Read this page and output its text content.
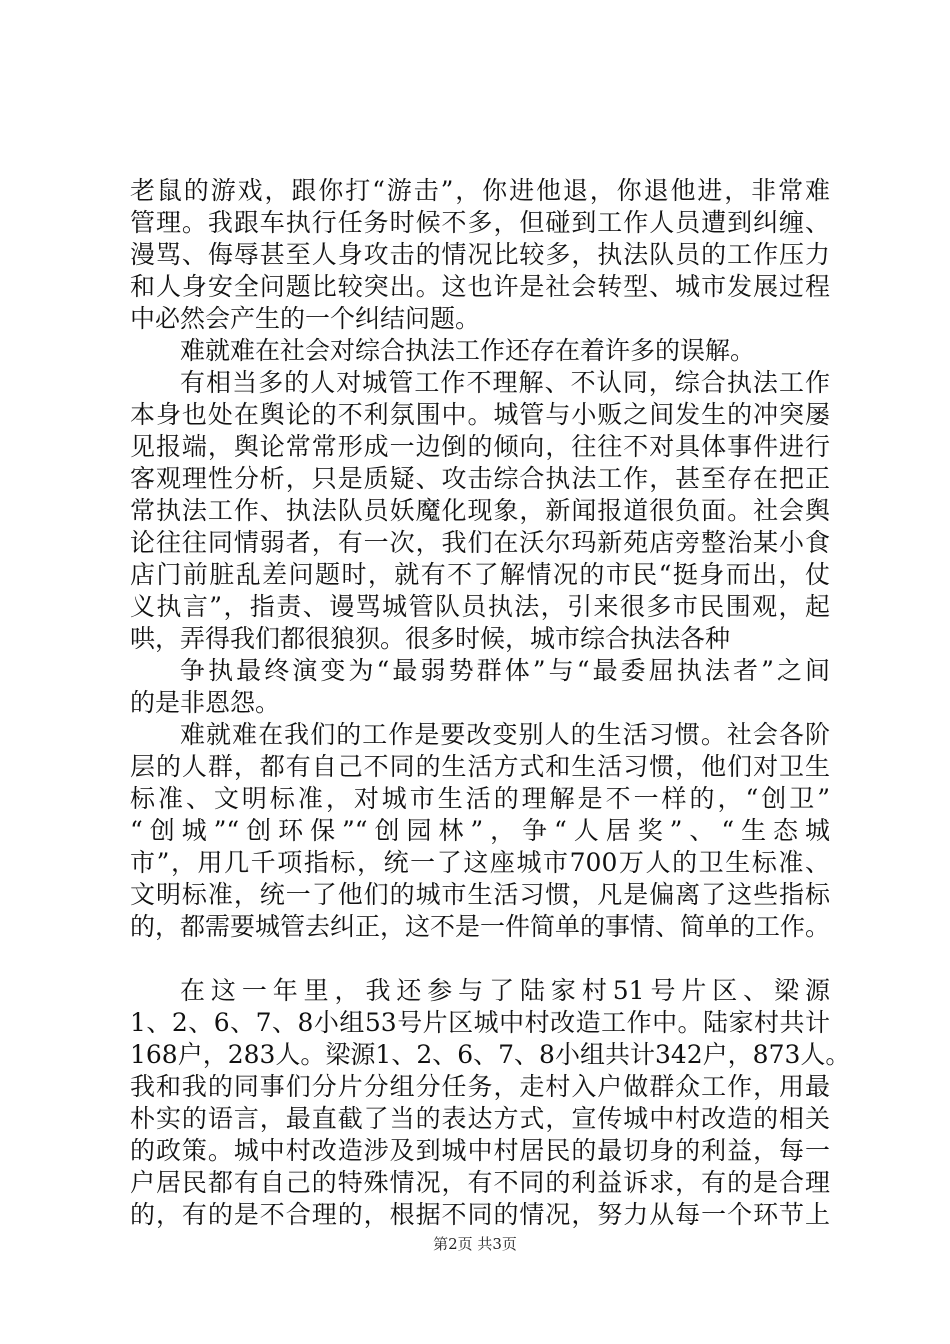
老鼠的游戏，跟你打“游击”，你进他退，你退他进，非常难
管理。我跟车执行任务时候不多，但碰到工作人员遭到纠缠、
漫骂、侮辱甚至人身攻击的情况比较多，执法队员的工作压力
和人身安全问题比较突出。这也许是社会转型、城市发展过程
中必然会产生的一个纠结问题。
难就难在社会对综合执法工作还存在着许多的误解。
有相当多的人对城管工作不理解、不认同，综合执法工作
本身也处在舆论的不利氛围中。城管与小贩之间发生的冲突屡
见报端，舆论常常形成一边倒的倾向，往往不对具体事件进行
客观理性分析，只是质疑、攻击综合执法工作，甚至存在把正
常执法工作、执法队员妖魔化现象，新闻报道很负面。社会舆
论往往同情弱者，有一次，我们在沃尔玛新苑店旁整治某小食
店门前脏乱差问题时，就有不了解情况的市民“挺身而出，仗
义执言”，指责、谩骂城管队员执法，引来很多市民围观，起
哄，弄得我们都很狼狈。很多时候，城市综合执法各种
争执最终演变为“最弱势群体”与“最委屈执法者”之间
的是非恩怨。
难就难在我们的工作是要改变别人的生活习惯。社会各阶
层的人群，都有自己不同的生活方式和生活习惯，他们对卫生
标准、文明标准，对城市生活的理解是不一样的，“创卫”
“创城”“创环保”“创园林”，争“人居奖”、“生态城
市”，用几千项指标，统一了这座城市700万人的卫生标准、
文明标准，统一了他们的城市生活习惯，凡是偏离了这些指标
的，都需要城管去纠正，这不是一件简单的事情、简单的工作。
在这一年里，我还参与了陆家村51号片区、梁源
1、2、6、7、8小组53号片区城中村改造工作中。陆家村共计
168户，283人。梁源1、2、6、7、8小组共计342户，873人。
我和我的同事们分片分组分任务，走村入户做群众工作，用最
朴实的语言，最直截了当的表达方式，宣传城中村改造的相关
的政策。城中村改造涉及到城中村居民的最切身的利益，每一
户居民都有自己的特殊情况，有不同的利益诉求，有的是合理
的，有的是不合理的，根据不同的情况，努力从每一个环节上
第2页 共3页
